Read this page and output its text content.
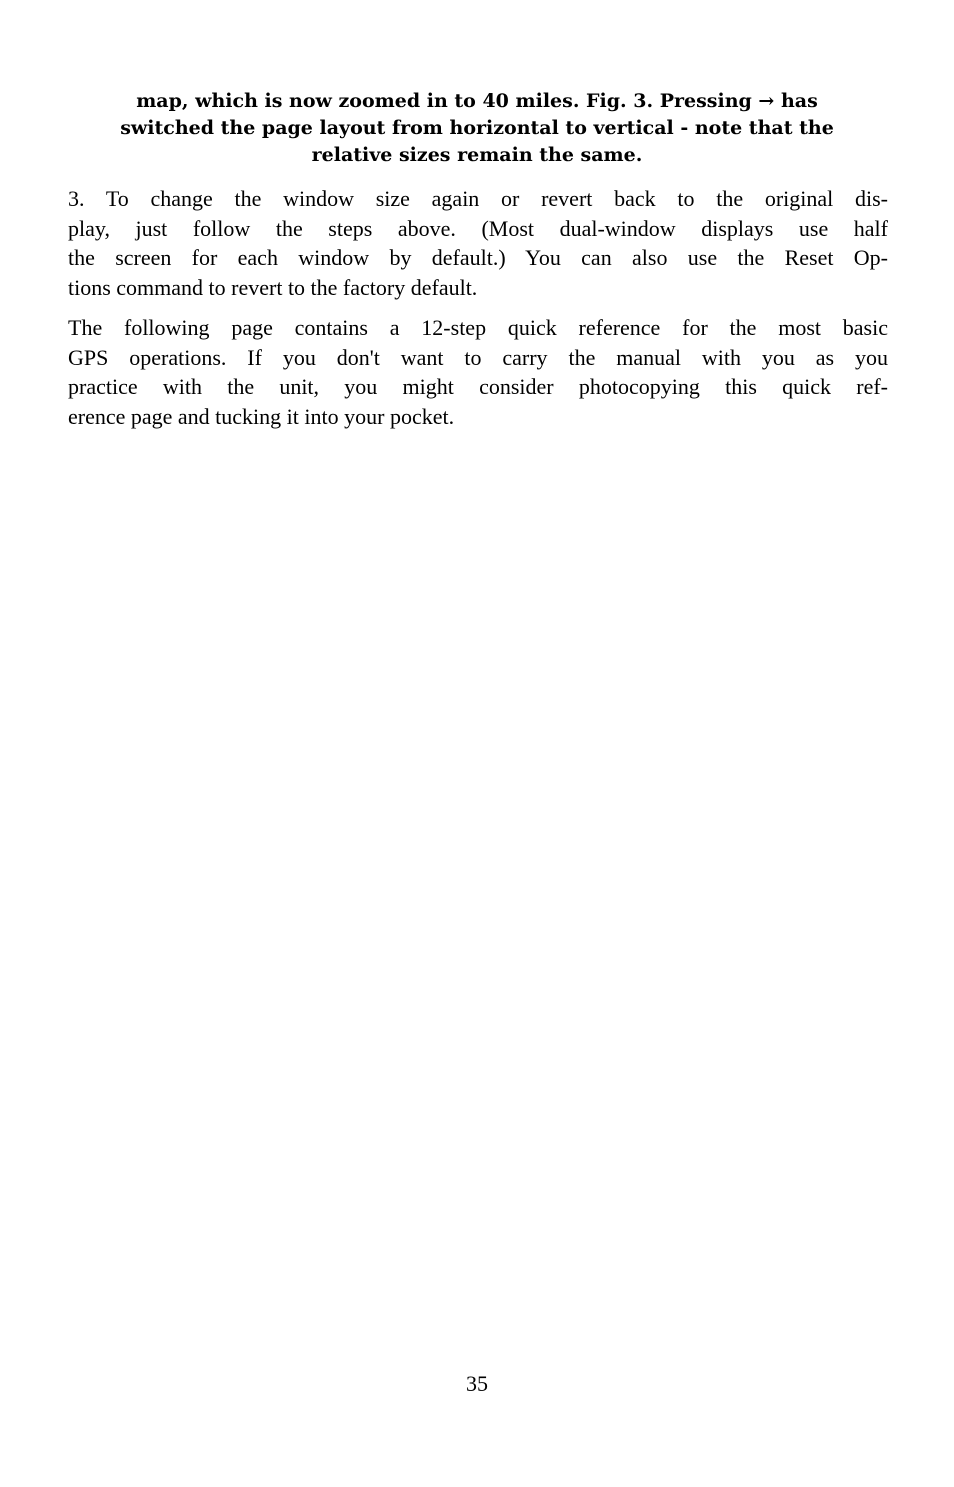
map, which is now zoomed in to 40 miles. Fig. 3. Pressing → has
switched the page layout from horizontal to vertical - note that the
relative sizes remain the same.
3. To change the window size again or revert back to the original dis-
play, just follow the steps above. (Most dual-window displays use half
the screen for each window by default.) You can also use the Reset Op-
tions command to revert to the factory default.
The following page contains a 12-step quick reference for the most basic
GPS operations. If you don't want to carry the manual with you as you
practice with the unit, you might consider photocopying this quick ref-
erence page and tucking it into your pocket.
35
